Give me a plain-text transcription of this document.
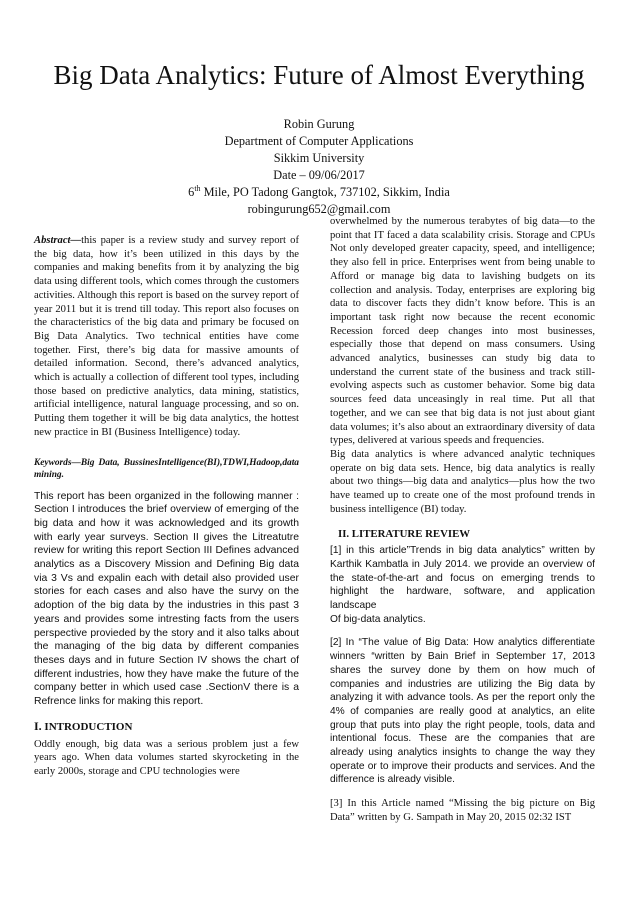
Big Data Analytics: Future of Almost Everything
Robin Gurung
Department of Computer Applications
Sikkim University
Date – 09/06/2017
6th Mile, PO Tadong Gangtok, 737102, Sikkim, India
robingurung652@gmail.com

Abstract—this paper is a review study and survey report of the big data, how it’s been utilized in this days by the companies and making benefits from it by analyzing the big data using different tools, which comes through the customers activities. Although this report is based on the survey report of year 2011 but it is trend till today. This report also focuses on the characteristics of the big data and primary be focused on Big Data Analytics. Two technical entities have come together. First, there’s big data for massive amounts of detailed information. Second, there’s advanced analytics, which is actually a collection of different tool types, including those based on predictive analytics, data mining, statistics, artificial intelligence, natural language processing, and so on. Putting them together it will be big data analytics, the hottest new practice in BI (Business Intelligence) today.

Keywords—Big Data, BussinesIntelligence(BI),TDWI,Hadoop,data mining.

This report has been organized in the following manner : Section I introduces the brief overview of emerging of the big data and how it was acknowledged and its growth with early year surveys. Section II gives the Litreatutre review for writing this report Section III Defines advanced analytics as a Discovery Mission and Defining Big data via 3 Vs and expalin each with detail also provided user stories for each cases and also have the survy on the adoption of the big data by the industries in this past 3 years and provides some intresting facts from the users perspective provieded by the story and it also talks about the managing of the big data by different companies theses days and in future Section IV shows the chart of different industries, how they have make the future of the company better in which used case .SectionV there is a Refrence links for making this report.

I. INTRODUCTION

Oddly enough, big data was a serious problem just a few years ago. When data volumes started skyrocketing in the early 2000s, storage and CPU technologies were

overwhelmed by the numerous terabytes of big data—to the point that IT faced a data scalability crisis. Storage and CPUs Not only developed greater capacity, speed, and intelligence; they also fell in price. Enterprises went from being unable to Afford or manage big data to lavishing budgets on its collection and analysis. Today, enterprises are exploring big data to discover facts they didn’t know before. This is an important task right now because the recent economic Recession forced deep changes into most businesses, especially those that depend on mass consumers. Using advanced analytics, businesses can study big data to understand the current state of the business and track still-evolving aspects such as customer behavior. Some big data sources feed data unceasingly in real time. Put all that together, and we can see that big data is not just about giant data volumes; it’s also about an extraordinary diversity of data types, delivered at various speeds and frequencies.

Big data analytics is where advanced analytic techniques operate on big data sets. Hence, big data analytics is really about two things—big data and analytics—plus how the two have teamed up to create one of the most profound trends in business intelligence (BI) today.

II. LITERATURE REVIEW

[1] in this article”Trends in big data analytics” written by Karthik Kambatla in July 2014. we provide an overview of the state-of-the-art and focus on emerging trends to highlight the hardware, software, and application landscape

Of big-data analytics.

[2] In “The value of Big Data: How analytics differentiate winners “written by Bain Brief in September 17, 2013 shares the survey done by them on how much of companies and industries are utilizing the Big data by analyzing it with advance tools. As per the report only the 4% of companies are really good at analytics, an elite group that puts into play the right people, tools, data and intentional focus. These are the companies that are already using analytics insights to change the way they operate or to improve their products and services. And the difference is already visible.

[3] In this Article named “Missing the big picture on Big Data” written by G. Sampath in May 20, 2015 02:32 IST
